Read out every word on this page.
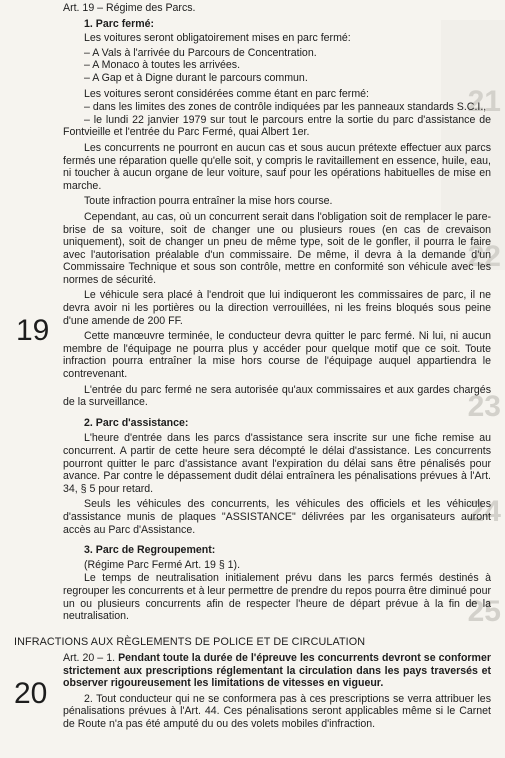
21
22
23
24
25

Art. 19 – Régime des Parcs.

1. Parc fermé:

Les voitures seront obligatoirement mises en parc fermé:

– A Vals à l'arrivée du Parcours de Concentration.

– A Monaco à toutes les arrivées.

– A Gap et à Digne durant le parcours commun.

Les voitures seront considérées comme étant en parc fermé:

– dans les limites des zones de contrôle indiquées par les panneaux standards S.C.I.,

– le lundi 22 janvier 1979 sur tout le parcours entre la sortie du parc d'assistance de Fontvieille et l'entrée du Parc Fermé, quai Albert 1er.

Les concurrents ne pourront en aucun cas et sous aucun prétexte effectuer aux parcs fermés une réparation quelle qu'elle soit, y compris le ravitaillement en essence, huile, eau, ni toucher à aucun organe de leur voiture, sauf pour les opérations habituelles de mise en marche.

Toute infraction pourra entraîner la mise hors course.

Cependant, au cas, où un concurrent serait dans l'obligation soit de remplacer le pare-brise de sa voiture, soit de changer une ou plusieurs roues (en cas de crevaison uniquement), soit de changer un pneu de même type, soit de le gonfler, il pourra le faire avec l'autorisation préalable d'un commissaire. De même, il devra à la demande d'un Commissaire Technique et sous son contrôle, mettre en conformité son véhicule avec les normes de sécurité.

Le véhicule sera placé à l'endroit que lui indiqueront les commissaires de parc, il ne devra avoir ni les portières ou la direction verrouillées, ni les freins bloqués sous peine d'une amende de 200 FF.

Cette manœuvre terminée, le conducteur devra quitter le parc fermé. Ni lui, ni aucun membre de l'équipage ne pourra plus y accéder pour quelque motif que ce soit. Toute infraction pourra entraîner la mise hors course de l'équipage auquel appartiendra le contrevenant.

L'entrée du parc fermé ne sera autorisée qu'aux commissaires et aux gardes chargés de la surveillance.

2. Parc d'assistance:

L'heure d'entrée dans les parcs d'assistance sera inscrite sur une fiche remise au concurrent. A partir de cette heure sera décompté le délai d'assistance. Les concurrents pourront quitter le parc d'assistance avant l'expiration du délai sans être pénalisés pour avance. Par contre le dépassement dudit délai entraînera les pénalisations prévues à l'Art. 34, § 5 pour retard.

Seuls les véhicules des concurrents, les véhicules des officiels et les véhicules d'assistance munis de plaques "ASSISTANCE" délivrées par les organisateurs auront accès au Parc d'Assistance.

3. Parc de Regroupement:

(Régime Parc Fermé Art. 19 § 1).

Le temps de neutralisation initialement prévu dans les parcs fermés destinés à regrouper les concurrents et à leur permettre de prendre du repos pourra être diminué pour un ou plusieurs concurrents afin de respecter l'heure de départ prévue à la fin de la neutralisation.

19
INFRACTIONS AUX RÈGLEMENTS DE POLICE ET DE CIRCULATION

Art. 20 – 1. Pendant toute la durée de l'épreuve les concurrents devront se conformer strictement aux prescriptions réglementant la circulation dans les pays traversés et observer rigoureusement les limitations de vitesses en vigueur.

2. Tout conducteur qui ne se conformera pas à ces prescriptions se verra attribuer les pénalisations prévues à l'Art. 44. Ces pénalisations seront applicables même si le Carnet de Route n'a pas été amputé du ou des volets mobiles d'infraction.

20
